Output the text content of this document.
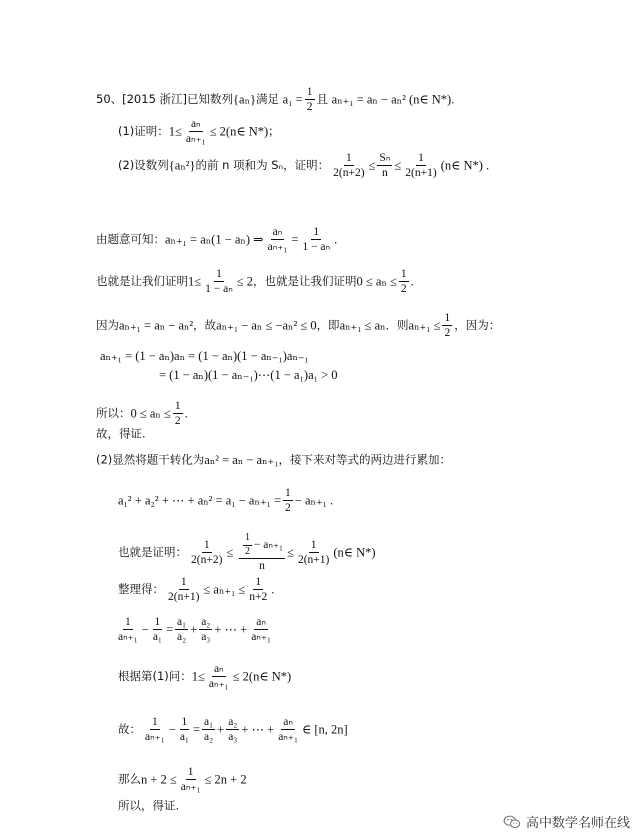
50、[2015 浙江]已知数列{aₙ}满足 $a_1 = \frac{1}{2}$ 且 aₙ₊₁ = aₙ − aₙ² (n∈ N*).
(1)证明：$1\le \frac{\text{aₙ}}{\text{aₙ₊₁}}$ ≤ 2(n∈ N*)；
(2)设数列{aₙ²}的前 n 项和为 Sₙ，证明： $\frac{1}{2(n+2)} \le \frac{\text{Sₙ}}{n} \le \frac{1}{2(n+1)}$ (n∈ N*) .
由题意可知：aₙ₊₁ = aₙ(1 − aₙ) ⇒ $\frac{\text{aₙ}}{\text{aₙ₊₁}} = \frac{1}{\text{1 − aₙ}}$ .
也就是让我们证明$1\le \frac{1}{\text{1 − aₙ}} \le 2$，也就是让我们证明$0 \le a_n \le \frac{1}{2}$ .
因为aₙ₊₁ = aₙ − aₙ²，故aₙ₊₁ − aₙ ≤ −aₙ² ≤ 0，即aₙ₊₁ ≤ aₙ．则$a_{n+1} \le \frac{1}{2}$ ，因为：
aₙ₊₁ = (1 − aₙ)aₙ = (1 − aₙ)(1 − aₙ₋₁)aₙ₋₁
= (1 − aₙ)(1 − aₙ₋₁)⋯(1 − a₁)a₁ > 0
所以：$0 \le a_n \le \frac{1}{2}$ .
故，得证.
(2)显然将题干转化为aₙ² = aₙ − aₙ₊₁，接下来对等式的两边进行累加：
a₁² + a₂² + ⋯ + $a_n^2 = a_1 - a_{n+1} = \frac{1}{2} - a_{n+1}$ .
也就是证明： $\frac{1}{2(n+2)} \le \frac{\frac{1}{2} - a_{n+1}}{n} \le \frac{1}{2(n+1)}$ (n∈ N*)
整理得： $\frac{1}{2(n+1)} \le a_{n+1} \le \frac{1}{n+2}$ .
$\frac{1}{\text{aₙ₊₁}} - \frac{1}{\text{a₁}} = \frac{\text{a₁}}{\text{a₂}} + \frac{\text{a₂}}{\text{a₃}}$ + ⋯ + $\frac{\text{aₙ}}{\text{aₙ₊₁}}$
根据第(1)问：$1\le \frac{\text{aₙ}}{\text{aₙ₊₁}}$ ≤ 2(n∈ N*)
故： $\frac{1}{\text{aₙ₊₁}} - \frac{1}{\text{a₁}} = \frac{\text{a₁}}{\text{a₂}} + \frac{\text{a₂}}{\text{a₃}}$ + ⋯ + $\frac{\text{aₙ}}{\text{aₙ₊₁}}$ ∈ [n, 2n]
那么$n + 2 \le \frac{1}{\text{aₙ₊₁}} \le 2n + 2$
所以，得证.
高中数学名师在线
